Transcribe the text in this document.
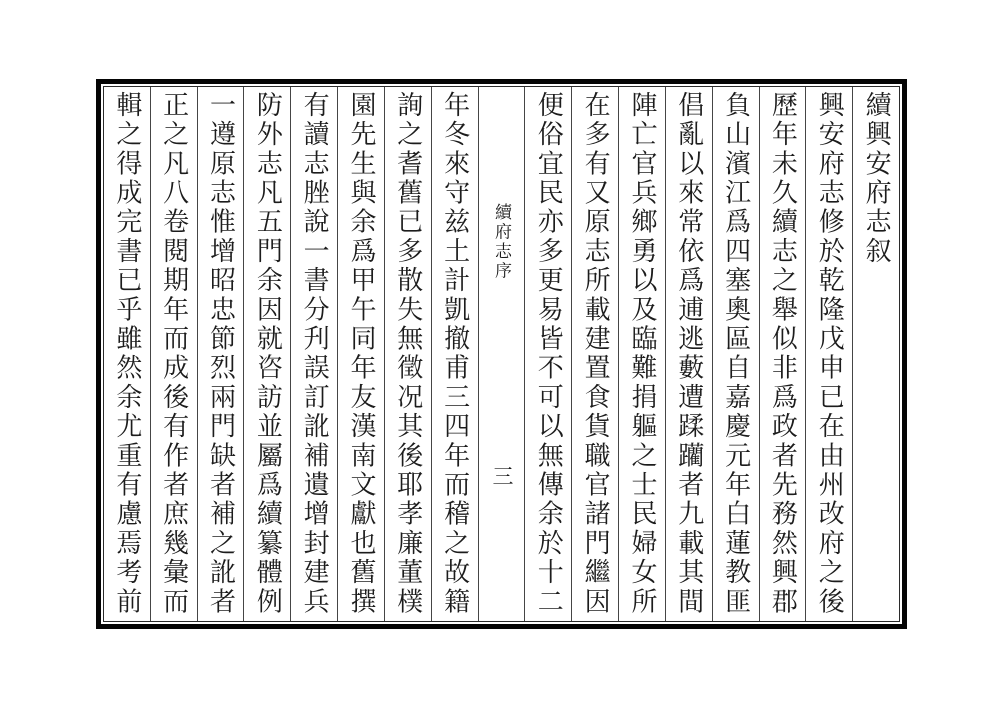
續興安府志叙
興安府志修於乾隆戊申已在由州改府之後
歷年未久續志之舉似非爲政者先務然興郡
負山濱江爲四塞奧區自嘉慶元年白蓮教匪
倡亂以來常依爲逋逃藪遭蹂躪者九載其間
陣亡官兵鄉勇以及臨難捐軀之士民婦女所
在多有又原志所載建置食貨職官諸門繼因
便俗宜民亦多更易皆不可以無傳余於十二
續府志序
三
年冬來守兹土計凱撤甫三四年而稽之故籍
詢之耆舊已多散失無徵况其後耶孝廉董樸
園先生與余爲甲午同年友漢南文獻也舊撰
有讀志脞說一書分刋誤訂訛補遺增封建兵
防外志凡五門余因就咨訪並屬爲續纂體例
一遵原志惟增昭忠節烈兩門缺者補之訛者
正之凡八卷閱期年而成後有作者庶幾彙而
輯之得成完書已乎雖然余尤重有慮焉考前
